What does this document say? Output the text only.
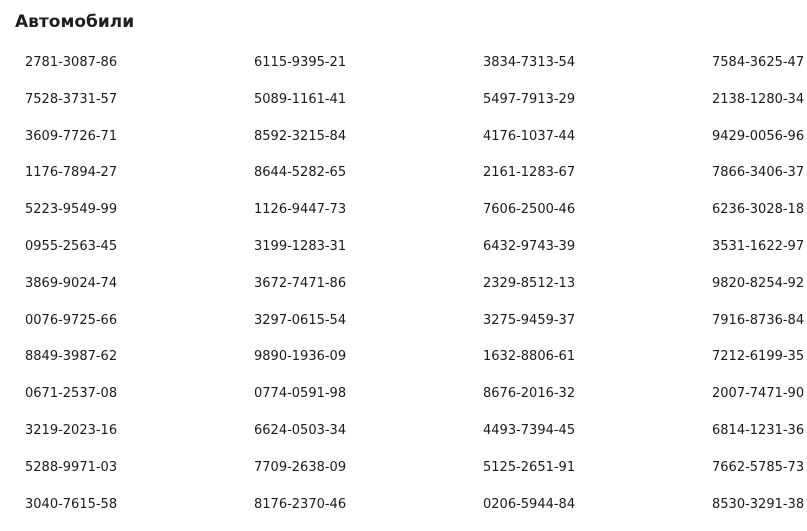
Автомобили
2781-3087-86	6115-9395-21	3834-7313-54	7584-3625-47
7528-3731-57	5089-1161-41	5497-7913-29	2138-1280-34
3609-7726-71	8592-3215-84	4176-1037-44	9429-0056-96
1176-7894-27	8644-5282-65	2161-1283-67	7866-3406-37
5223-9549-99	1126-9447-73	7606-2500-46	6236-3028-18
0955-2563-45	3199-1283-31	6432-9743-39	3531-1622-97
3869-9024-74	3672-7471-86	2329-8512-13	9820-8254-92
0076-9725-66	3297-0615-54	3275-9459-37	7916-8736-84
8849-3987-62	9890-1936-09	1632-8806-61	7212-6199-35
0671-2537-08	0774-0591-98	8676-2016-32	2007-7471-90
3219-2023-16	6624-0503-34	4493-7394-45	6814-1231-36
5288-9971-03	7709-2638-09	5125-2651-91	7662-5785-73
3040-7615-58	8176-2370-46	0206-5944-84	8530-3291-38
